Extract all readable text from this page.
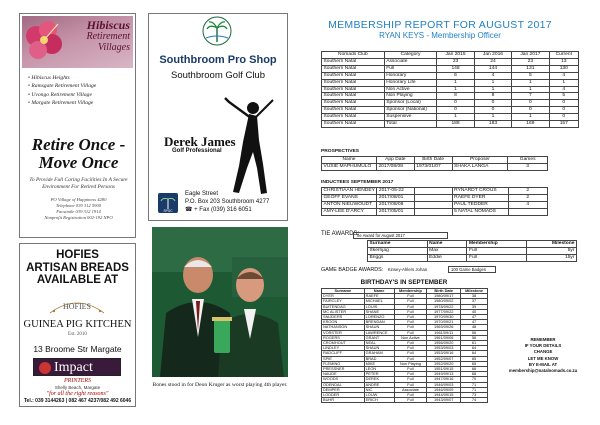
Hibiscus
Retirement
Villages
• Hibiscus Heights
• Ramsgate Retirement Village
• Uvongo Retirement Village
• Margate Retirement Village
Retire Once -
Move Once
To Provide Full Caring Facilities In A Secure Environment For Retired Persons
PO Village of Happiness 4280
Telephone 039 312 5900
Facsimile 039 312 1914
Nonprofit Registration 002-192 NPO
HOFIES
ARTISAN BREADS
AVAILABLE AT
HOFIES
GUINEA PIG KITCHEN
Est. 2010
13 Broome Str Margate
Impact
PRINTERS
Shelly Beach, Margate
"for all the right reasons"
Tel.: 039 3144263 | 082 467 4237/082 492 6046
Southbroom Pro Shop
Southbroom Golf Club
Derek James
Golf Professional
SPGC
Eagle Street
P.O. Box 203 Southbroom 4277
☎ + Fax (039) 316 6051
Bones stood in for Deon Kruger as worst playing 4th player.
MEMBERSHIP REPORT FOR AUGUST 2017
RYAN KEYS - Membership Officer
Nomads Club	Category	Jan 2015	Jan 2016	Jan 2017	Current
Southern Natal	Associate	23	24	23	13
Southern Natal	Full	148	144	131	130
Southern Natal	Honorary	6	4	5	4
Southern Natal	Honorary Life	1	1	1	1
Southern Natal	Non Active	1	1	1	4
Southern Natal	Non Playing	8	8	7	5
Southern Natal	Sponsor (Local)	0	0	0	0
Southern Natal	Sponsor (National)	0	0	0	0
Southern Natal	Suspensive	1	1	1	0
Southern Natal	Total	188	183	169	157
PROSPECTIVES
Name	App Date	Birth Date	Proposer	Games
VUSIE MAPHUMULO	2017/08/08	1973/01/07	SHAKA LANGA	3
INDUCTEES SEPTEMBER 2017
CHRISTIAAN HENDEY	2017-05-22		RYNARDT CROUS	2
GEOFF EVANS	2017/08/01		RAEFE DYER	2
ANTON NIEUWOUDT	2017/08/08		PAUL TEDDER	4
AMY-LEE D'ARCY	2017/05/01		5 NATAL NOMADS	
TIE AWARDS:
Tie Award for August 2017
Surname	Name	Membership	Milestone
Skerrijag	Max	Full	5yr
Briggs	Eddie	Full	15yr
GAME BADGE AWARDS: Kinsey-Ahlers Johan	100 Game Badges
BIRTHDAY'S IN SEPTEMBER
Surname	Name	Membership	Birth Date	Milestone
DYER	RAEFE	Full	1980/09/17	38
FAIRCLEY	MICHAEL	Full	1980/09/02	37
BUITENDAG	LOUIS	Full	1978/09/22	39
MC ALISTER	SHANE	Full	1977/09/22	40
SNIJDERS	LORENZO	Full	1970/09/30	47
KROON	BRENDAN	Full	1970/09/21	47
NATHANSON	SHAUN	Full	1969/09/26	48
VORSTER	LAWRENCE	Full	1961/09/11	56
ROGERS	GRANT	Non Active	1961/09/06	56
CROMHOUT	NEAL	Full	1956/09/20	61
LINDLEY	SHAUN	Full	1953/09/03	64
RADCLIFF	GRAHAM	Full	1953/09/16	64
SPIE	BRAD	Full	1952/09/07	65
FLEMING	MIKE	Non Playing	1952/09/20	65
PRESSNER	LEON	Full	1951/09/15	66
NAUDE	PETER	Full	1949/09/13	68
WOODS	DEREK	Full	1947/09/16	70
ODENDAL	ANDRE	Full	1946/09/03	71
DEMPER	NIC	Associate	1946/09/09	71
LODDER	LOUW	Full	1944/09/15	73
BUHR	ERICH	Full	1943/09/07	74
REMEMBER
IF YOUR DETAILS
CHANGE
LET ME KNOW
BY E-MAIL AT
membership@natalnomads.co.za
